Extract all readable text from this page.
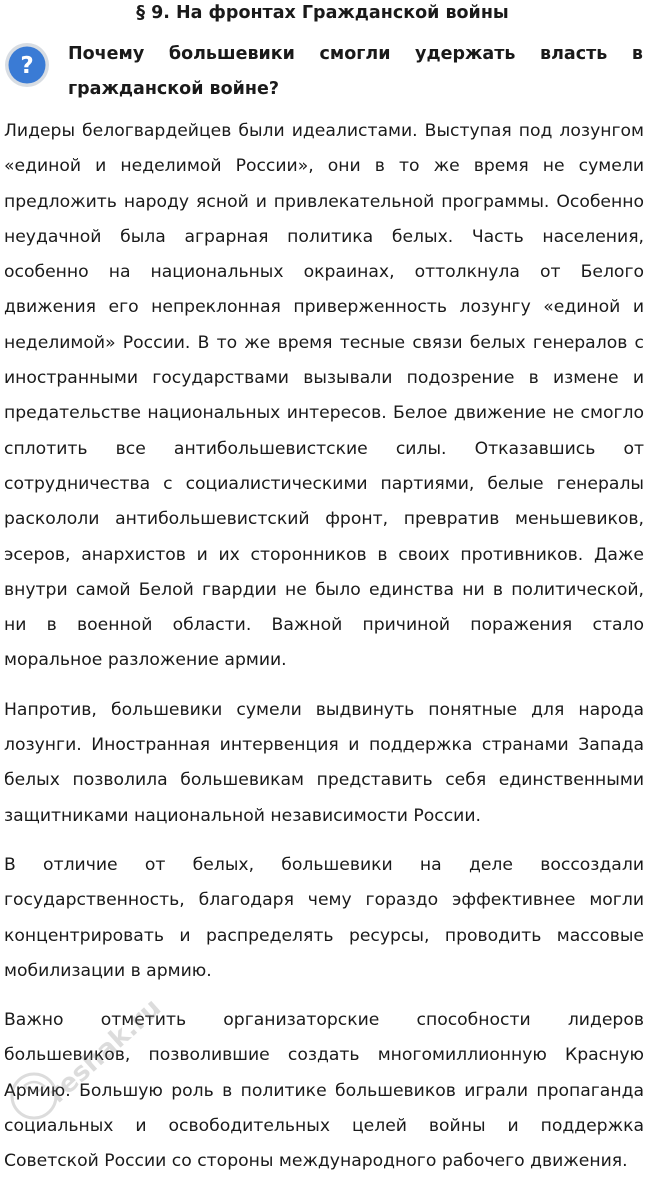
§ 9. На фронтах Гражданской войны
? Почему большевики смогли удержать власть в гражданской войне?

Лидеры белогвардейцев были идеалистами. Выступая под лозунгом «единой и неделимой России», они в то же время не сумели предложить народу ясной и привлекательной программы. Особенно неудачной была аграрная политика белых. Часть населения, особенно на национальных окраинах, оттолкнула от Белого движения его непреклонная приверженность лозунгу «единой и неделимой» России. В то же время тесные связи белых генералов с иностранными государствами вызывали подозрение в измене и предательстве национальных интересов. Белое движение не смогло сплотить все антибольшевистские силы. Отказавшись от сотрудничества с социалистическими партиями, белые генералы раскололи антибольшевистский фронт, превратив меньшевиков, эсеров, анархистов и их сторонников в своих противников. Даже внутри самой Белой гвардии не было единства ни в политической, ни в военной области. Важной причиной поражения стало моральное разложение армии.

Напротив, большевики сумели выдвинуть понятные для народа лозунги. Иностранная интервенция и поддержка странами Запада белых позволила большевикам представить себя единственными защитниками национальной независимости России.

В отличие от белых, большевики на деле воссоздали государственность, благодаря чему гораздо эффективнее могли концентрировать и распределять ресурсы, проводить массовые мобилизации в армию.

Важно отметить организаторские способности лидеров большевиков, позволившие создать многомиллионную Красную Армию. Большую роль в политике большевиков играли пропаганда социальных и освободительных целей войны и поддержка Советской России со стороны международного рабочего движения.

reshak.ru
